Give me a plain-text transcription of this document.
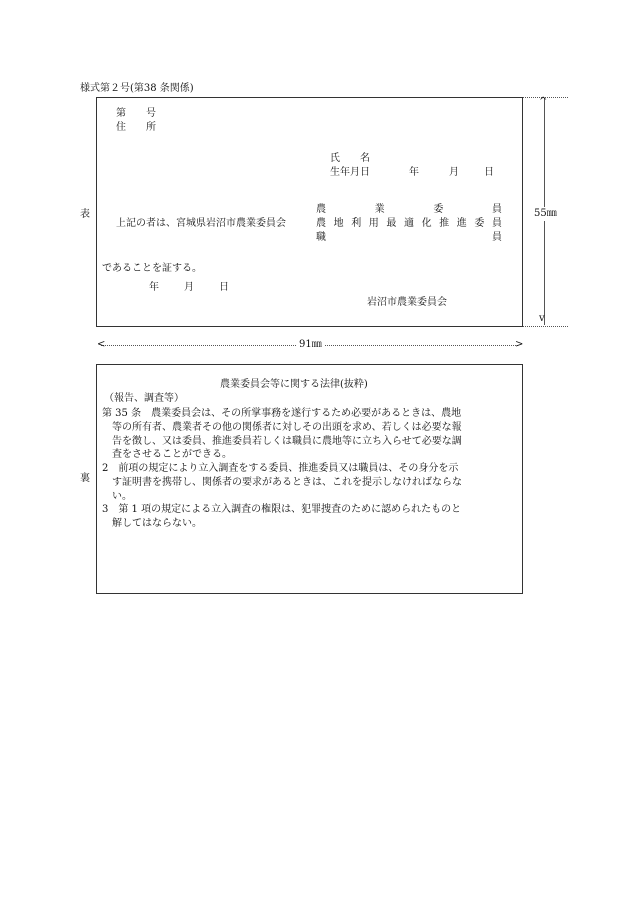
様式第２号(第38 条関係)
表
裏
^
v
55㎜
第　　号
住　　所
氏　　名
生年月日	年	月	日
上記の者は、宮城県岩沼市農業委員会
農	業	委	員
農 地 利 用 最 適 化 推 進 委 員
職	員
であることを証する。
年	月	日
岩沼市農業委員会
<	>
91㎜
農業委員会等に関する法律(抜粋)
（報告、調査等）
第 35 条　農業委員会は、その所掌事務を遂行するため必要があるときは、農地
　等の所有者、農業者その他の関係者に対しその出頭を求め、若しくは必要な報
　告を徴し、又は委員、推進委員若しくは職員に農地等に立ち入らせて必要な調
　査をさせることができる。
2　前項の規定により立入調査をする委員、推進委員又は職員は、その身分を示
　す証明書を携帯し、関係者の要求があるときは、これを提示しなければならな
　い。
3　第 1 項の規定による立入調査の権限は、犯罪捜査のために認められたものと
　解してはならない。
